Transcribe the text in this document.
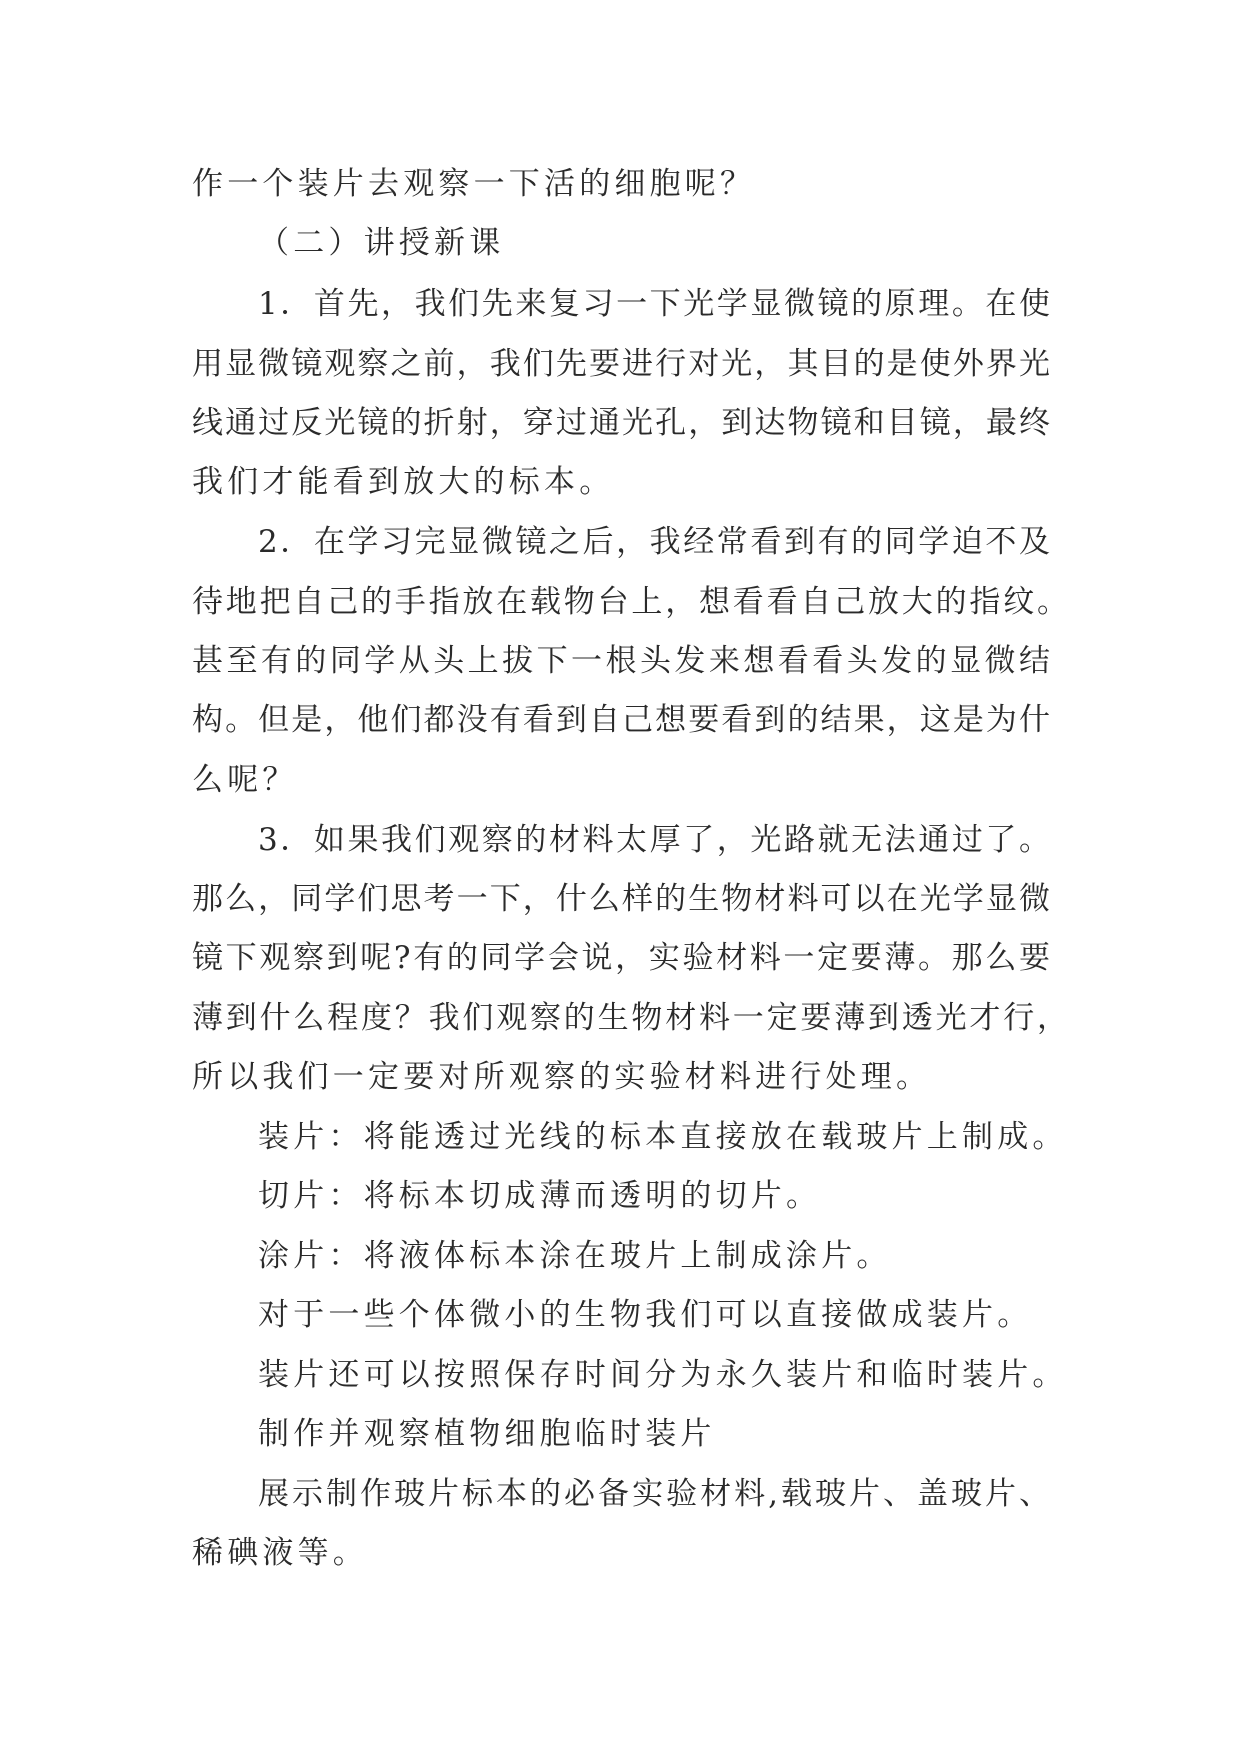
作一个装片去观察一下活的细胞呢？
（二）讲授新课
1．首先，我们先来复习一下光学显微镜的原理。在使
用显微镜观察之前，我们先要进行对光，其目的是使外界光
线通过反光镜的折射，穿过通光孔，到达物镜和目镜，最终
我们才能看到放大的标本。
2．在学习完显微镜之后，我经常看到有的同学迫不及
待地把自己的手指放在载物台上，想看看自己放大的指纹。
甚至有的同学从头上拔下一根头发来想看看头发的显微结
构。但是，他们都没有看到自己想要看到的结果，这是为什
么呢？
3．如果我们观察的材料太厚了，光路就无法通过了。
那么，同学们思考一下，什么样的生物材料可以在光学显微
镜下观察到呢?有的同学会说，实验材料一定要薄。那么要
薄到什么程度？我们观察的生物材料一定要薄到透光才行，
所以我们一定要对所观察的实验材料进行处理。
装片：将能透过光线的标本直接放在载玻片上制成。
切片：将标本切成薄而透明的切片。
涂片：将液体标本涂在玻片上制成涂片。
对于一些个体微小的生物我们可以直接做成装片。
装片还可以按照保存时间分为永久装片和临时装片。
制作并观察植物细胞临时装片
展示制作玻片标本的必备实验材料,载玻片、盖玻片、
稀碘液等。
